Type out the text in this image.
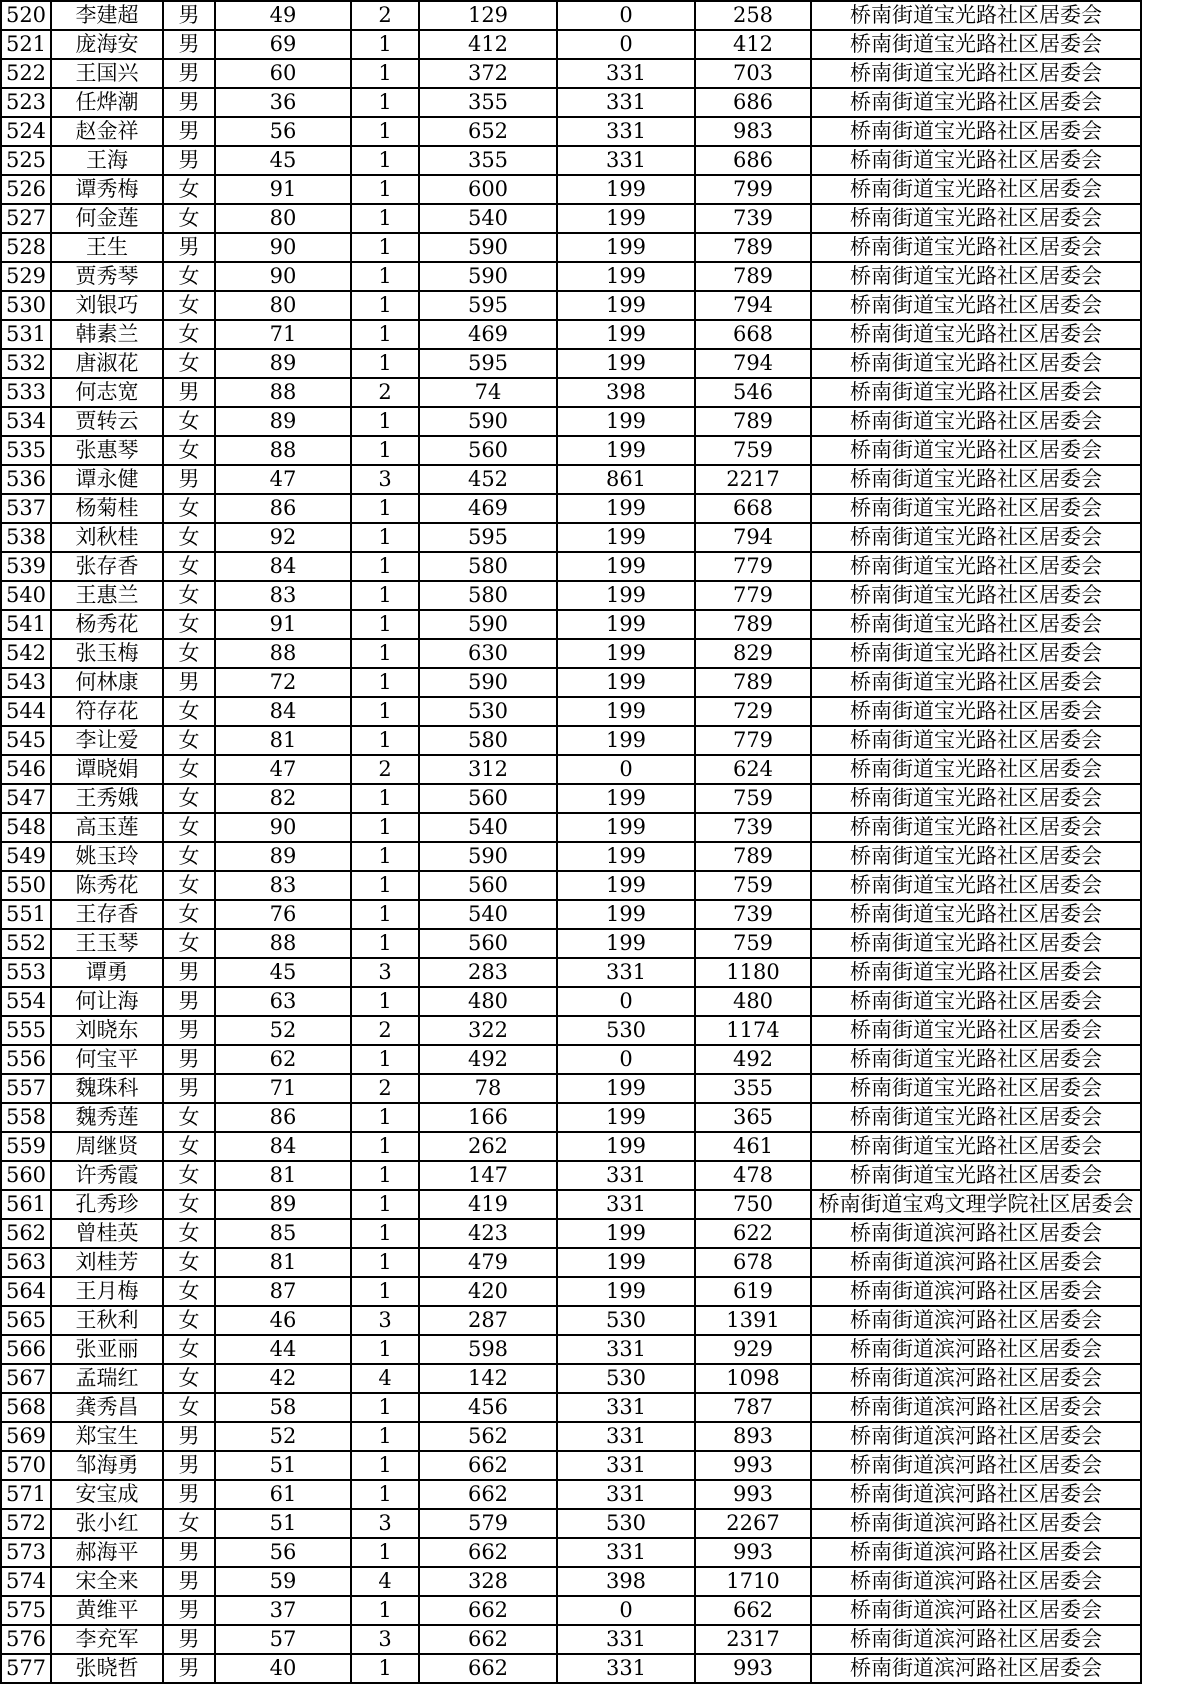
520	李建超	男	49	2	129	0	258	桥南街道宝光路社区居委会
521	庞海安	男	69	1	412	0	412	桥南街道宝光路社区居委会
522	王国兴	男	60	1	372	331	703	桥南街道宝光路社区居委会
523	任烨潮	男	36	1	355	331	686	桥南街道宝光路社区居委会
524	赵金祥	男	56	1	652	331	983	桥南街道宝光路社区居委会
525	王海	男	45	1	355	331	686	桥南街道宝光路社区居委会
526	谭秀梅	女	91	1	600	199	799	桥南街道宝光路社区居委会
527	何金莲	女	80	1	540	199	739	桥南街道宝光路社区居委会
528	王生	男	90	1	590	199	789	桥南街道宝光路社区居委会
529	贾秀琴	女	90	1	590	199	789	桥南街道宝光路社区居委会
530	刘银巧	女	80	1	595	199	794	桥南街道宝光路社区居委会
531	韩素兰	女	71	1	469	199	668	桥南街道宝光路社区居委会
532	唐淑花	女	89	1	595	199	794	桥南街道宝光路社区居委会
533	何志宽	男	88	2	74	398	546	桥南街道宝光路社区居委会
534	贾转云	女	89	1	590	199	789	桥南街道宝光路社区居委会
535	张惠琴	女	88	1	560	199	759	桥南街道宝光路社区居委会
536	谭永健	男	47	3	452	861	2217	桥南街道宝光路社区居委会
537	杨菊桂	女	86	1	469	199	668	桥南街道宝光路社区居委会
538	刘秋桂	女	92	1	595	199	794	桥南街道宝光路社区居委会
539	张存香	女	84	1	580	199	779	桥南街道宝光路社区居委会
540	王惠兰	女	83	1	580	199	779	桥南街道宝光路社区居委会
541	杨秀花	女	91	1	590	199	789	桥南街道宝光路社区居委会
542	张玉梅	女	88	1	630	199	829	桥南街道宝光路社区居委会
543	何林康	男	72	1	590	199	789	桥南街道宝光路社区居委会
544	符存花	女	84	1	530	199	729	桥南街道宝光路社区居委会
545	李让爱	女	81	1	580	199	779	桥南街道宝光路社区居委会
546	谭晓娟	女	47	2	312	0	624	桥南街道宝光路社区居委会
547	王秀娥	女	82	1	560	199	759	桥南街道宝光路社区居委会
548	高玉莲	女	90	1	540	199	739	桥南街道宝光路社区居委会
549	姚玉玲	女	89	1	590	199	789	桥南街道宝光路社区居委会
550	陈秀花	女	83	1	560	199	759	桥南街道宝光路社区居委会
551	王存香	女	76	1	540	199	739	桥南街道宝光路社区居委会
552	王玉琴	女	88	1	560	199	759	桥南街道宝光路社区居委会
553	谭勇	男	45	3	283	331	1180	桥南街道宝光路社区居委会
554	何让海	男	63	1	480	0	480	桥南街道宝光路社区居委会
555	刘晓东	男	52	2	322	530	1174	桥南街道宝光路社区居委会
556	何宝平	男	62	1	492	0	492	桥南街道宝光路社区居委会
557	魏珠科	男	71	2	78	199	355	桥南街道宝光路社区居委会
558	魏秀莲	女	86	1	166	199	365	桥南街道宝光路社区居委会
559	周继贤	女	84	1	262	199	461	桥南街道宝光路社区居委会
560	许秀霞	女	81	1	147	331	478	桥南街道宝光路社区居委会
561	孔秀珍	女	89	1	419	331	750	桥南街道宝鸡文理学院社区居委会
562	曾桂英	女	85	1	423	199	622	桥南街道滨河路社区居委会
563	刘桂芳	女	81	1	479	199	678	桥南街道滨河路社区居委会
564	王月梅	女	87	1	420	199	619	桥南街道滨河路社区居委会
565	王秋利	女	46	3	287	530	1391	桥南街道滨河路社区居委会
566	张亚丽	女	44	1	598	331	929	桥南街道滨河路社区居委会
567	孟瑞红	女	42	4	142	530	1098	桥南街道滨河路社区居委会
568	龚秀昌	女	58	1	456	331	787	桥南街道滨河路社区居委会
569	郑宝生	男	52	1	562	331	893	桥南街道滨河路社区居委会
570	邹海勇	男	51	1	662	331	993	桥南街道滨河路社区居委会
571	安宝成	男	61	1	662	331	993	桥南街道滨河路社区居委会
572	张小红	女	51	3	579	530	2267	桥南街道滨河路社区居委会
573	郝海平	男	56	1	662	331	993	桥南街道滨河路社区居委会
574	宋全来	男	59	4	328	398	1710	桥南街道滨河路社区居委会
575	黄维平	男	37	1	662	0	662	桥南街道滨河路社区居委会
576	李充军	男	57	3	662	331	2317	桥南街道滨河路社区居委会
577	张晓哲	男	40	1	662	331	993	桥南街道滨河路社区居委会
